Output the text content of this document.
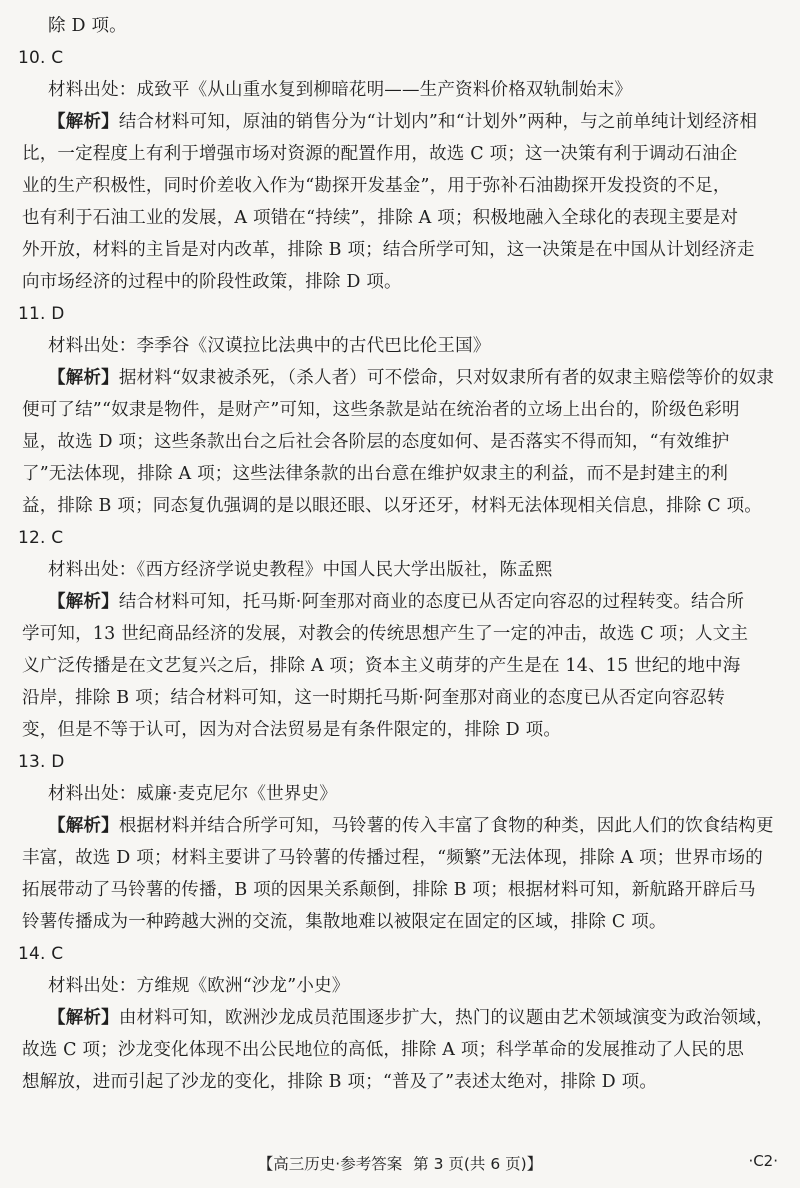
除 D 项。
10. C
材料出处：成致平《从山重水复到柳暗花明——生产资料价格双轨制始末》
【解析】结合材料可知，原油的销售分为“计划内”和“计划外”两种，与之前单纯计划经济相
比，一定程度上有利于增强市场对资源的配置作用，故选 C 项；这一决策有利于调动石油企
业的生产积极性，同时价差收入作为“勘探开发基金”，用于弥补石油勘探开发投资的不足，
也有利于石油工业的发展，A 项错在“持续”，排除 A 项；积极地融入全球化的表现主要是对
外开放，材料的主旨是对内改革，排除 B 项；结合所学可知，这一决策是在中国从计划经济走
向市场经济的过程中的阶段性政策，排除 D 项。
11. D
材料出处：李季谷《汉谟拉比法典中的古代巴比伦王国》
【解析】据材料“奴隶被杀死，（杀人者）可不偿命，只对奴隶所有者的奴隶主赔偿等价的奴隶
便可了结”“奴隶是物件，是财产”可知，这些条款是站在统治者的立场上出台的，阶级色彩明
显，故选 D 项；这些条款出台之后社会各阶层的态度如何、是否落实不得而知，“有效维护
了”无法体现，排除 A 项；这些法律条款的出台意在维护奴隶主的利益，而不是封建主的利
益，排除 B 项；同态复仇强调的是以眼还眼、以牙还牙，材料无法体现相关信息，排除 C 项。
12. C
材料出处：《西方经济学说史教程》中国人民大学出版社，陈孟熙
【解析】结合材料可知，托马斯·阿奎那对商业的态度已从否定向容忍的过程转变。结合所
学可知，13 世纪商品经济的发展，对教会的传统思想产生了一定的冲击，故选 C 项；人文主
义广泛传播是在文艺复兴之后，排除 A 项；资本主义萌芽的产生是在 14、15 世纪的地中海
沿岸，排除 B 项；结合材料可知，这一时期托马斯·阿奎那对商业的态度已从否定向容忍转
变，但是不等于认可，因为对合法贸易是有条件限定的，排除 D 项。
13. D
材料出处：威廉·麦克尼尔《世界史》
【解析】根据材料并结合所学可知，马铃薯的传入丰富了食物的种类，因此人们的饮食结构更
丰富，故选 D 项；材料主要讲了马铃薯的传播过程，“频繁”无法体现，排除 A 项；世界市场的
拓展带动了马铃薯的传播，B 项的因果关系颠倒，排除 B 项；根据材料可知，新航路开辟后马
铃薯传播成为一种跨越大洲的交流，集散地难以被限定在固定的区域，排除 C 项。
14. C
材料出处：方维规《欧洲“沙龙”小史》
【解析】由材料可知，欧洲沙龙成员范围逐步扩大，热门的议题由艺术领域演变为政治领域，
故选 C 项；沙龙变化体现不出公民地位的高低，排除 A 项；科学革命的发展推动了人民的思
想解放，进而引起了沙龙的变化，排除 B 项；“普及了”表述太绝对，排除 D 项。
【高三历史·参考答案 第 3 页(共 6 页)】	·C2·
